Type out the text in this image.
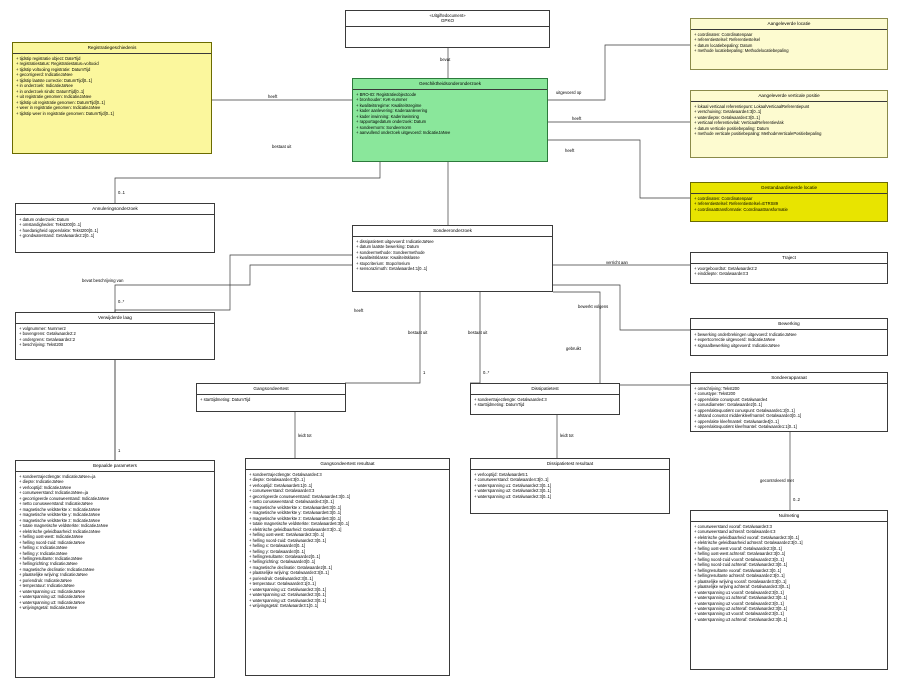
«Uitgiftedocument»
GPKO
Registratiegeschiedenis
+ tijdstip registratie object: DateTijd
+ registratiestatus: Registratiestatus=voltooid
+ tijdstip voltooiing registratie: DatumTijd
+ gecorrigeerd: IndicatieJaNee
+ tijdstip laatste correctie: DatumTijd[0..1]
+ in onderzoek: IndicatieJaNee
+ in onderzoek sinds: DatumTijd[0..1]
+ uit registratie genomen: IndicatieJaNee
+ tijdstip uit registratie genomen: DatumTijd[0..1]
+ weer in registratie genomen: IndicatieJaNee
+ tijdstip weer in registratie genomen: DatumTijd[0..1]
Geschiktheidsonderonderzoek
+ BRO-ID: Registratieobjectcode
+ bronhouder: KvK-nummer
+ kwaliteitsregime: Kwaliteitsregime
+ kader aanlevering: Kaderaanlevering
+ kader inwinning: Kaderinwinning
+ rapportagedatum onderzoek: Datum
+ sondeernorm: Sondeernorm
+ aanvullend onderzoek uitgevoerd: IndicatieJaNee
Aangeleverde locatie
+ coördinaten: Coördinatenpaar
+ referentiestelsel: Referentiestelsel
+ datum locatiebepaling: Datum
+ methode locatiebepaling: Methodelocatiebepaling
Aangeleverde verticale positie
+ lokaal verticaal referentiepunt: LokaalVerticaalReferentiepunt
+ verschuiving: Getalwaarde4:3[0..1]
+ waterdiepte: Getalwaarde4:3[0..1]
+ verticaal referentievlak: VerticaalReferentievlak
+ datum verticale positiebepaling: Datum
+ methode verticale positiebepaling: MethodeVerticalePositiebepaling
Gestandaardiseerde locatie
+ coördinaten: Coördinatenpaar
+ referentiestelsel: Referentiestelsel=ETRS89
+ coördinaattransformatie: Coördinaattransformatie
Annuleringsonderzoek
+ datum onderzoek: Datum
+ omstandigheden: Tekst200[0..1]
+ hoedanigheid oppervlakte: Tekst200[0..1]
+ grondwaterstand: Getalwaarde2:2[0..1]
Sondeeronderzoek
+ dissipatietest uitgevoerd: IndicatieJaNee
+ datum laatste bewerking: Datum
+ sondeermethode: Sondeermethode
+ kwaliteitsklasse: Kwaliteitsklasse
+ stopcriterium: Stopcriterium
+ sensorazimuth: Getalwaarde4:1[0..1]
Traject
+ voorgeboordtot: Getalwaarde2:2
+ einddiepte: Getalwaarde3:3
Bewerking
+ bewerking onderbrekingen uitgevoerd: IndicatieJaNee
+ expertcorrectie uitgevoerd: IndicatieJaNee
+ signaalbewerking uitgevoerd: IndicatieJaNee
Verwijderde laag
+ volgnummer: Nummer2
+ bovengrens: Getalwaarde2:2
+ ondergrens: Getalwaarde2:2
+ beschrijving: Tekst200
Gangsondeertest
+ starttijdmeting: DatumTijd
Dissipatietest
+ sondeertrajectlengte: Getalwaarde4:3
+ starttijdmeting: DatumTijd
Sondeerapparaat
+ omschrijving: Tekst200
+ conustype: Tekst200
+ oppervlakte conuspunt: Getalwaarde4
+ conusdiameter: Getalwaarde2[0..1]
+ oppervlaktequotiënt conuspunt: Getalwaarde1:2[0..1]
+ afstand conustot middenkleefmantel: Getalwaarde3[0..1]
+ oppervlakte kleefmantel: Getalwaarde4[0..1]
+ oppervlaktequotiënt kleefmantel: Getalwaarde1:1[0..1]
Bepaalde parameters
+ sondeertrajectlengte: IndicatieJaNee=ja
+ diepte: IndicatieJaNee
+ verlooptijd: IndicatieJaNee
+ conusweerstand: IndicatieJaNee=ja
+ gecorrigeerde conusweerstand: IndicatieJaNee
+ netto conusweerstand: IndicatieJaNee
+ magnetische veldsterkte x: IndicatieJaNee
+ magnetische veldsterkte y: IndicatieJaNee
+ magnetische veldsterkte z: IndicatieJaNee
+ totale magnetische veldsterkte: IndicatieJaNee
+ elektrische geleidbaarheid: IndicatieJaNee
+ helling oost-west: IndicatieJaNee
+ helling noord-zuid: IndicatieJaNee
+ helling x: IndicatieJaNee
+ helling y: IndicatieJaNee
+ hellingresultante: IndicatieJaNee
+ hellingrichting: IndicatieJaNee
+ magnetische declinatie: IndicatieJaNee
+ plaatselijke wrijving: IndicatieJaNee
+ poriendruk: IndicatieJaNee
+ temperatuur: IndicatieJaNee
+ waterspanning u1: IndicatieJaNee
+ waterspanning u2: IndicatieJaNee
+ waterspanning u3: IndicatieJaNee
+ wrijvingsgetal: IndicatieJaNee
Gangsondeertest resultaat
+ sondeertrajectlengte: Getalwaarde4:3
+ diepte: Getalwaarde4:3[0..1]
+ verlooptijd: Getalwaarde5:1[0..1]
+ conusweerstand: Getalwaarde3:3
+ gecorrigeerde conusweerstand: Getalwaarde4:3[0..1]
+ netto conusweerstand: Getalwaarde4:3[0..1]
+ magnetische veldsterkte x: Getalwaarde6:3[0..1]
+ magnetische veldsterkte y: Getalwaarde6:3[0..1]
+ magnetische veldsterkte z: Getalwaarde6:3[0..1]
+ totale magnetische veldsterkte: Getalwaarde6:3[0..1]
+ elektrische geleidbaarheid: Getalwaarde3:3[0..1]
+ helling oost-west: Getalwaarde2:3[0..1]
+ helling noord-zuid: Getalwaarde2:3[0..1]
+ helling x: Getalwaarde3[0..1]
+ helling y: Getalwaarde3[0..1]
+ hellingresultante: Getalwaarde2[0..1]
+ hellingrichting: Getalwaarde3[0..1]
+ magnetische declinatie: Getalwaarde2[0..1]
+ plaatselijke wrijving: Getalwaarde3:3[0..1]
+ poriendruk: Getalwaarde2:3[0..1]
+ temperatuur: Getalwaarde3:1[0..1]
+ waterspanning u1: Getalwaarde2:3[0..1]
+ waterspanning u2: Getalwaarde2:3[0..1]
+ waterspanning u3: Getalwaarde2:3[0..1]
+ wrijvingsgetal: Getalwaarde3:1[0..1]
Dissipatietest resultaat
+ verlooptijd: Getalwaarde5:1
+ conusweerstand: Getalwaarde4:3[0..1]
+ waterspanning u1: Getalwaarde2:3[0..1]
+ waterspanning u2: Getalwaarde2:3[0..1]
+ waterspanning u3: Getalwaarde2:3[0..1]
Nulmeting
+ conusweerstand vooraf: Getalwaarde3:3
+ conusweerstand achteraf: Getalwaarde4:3
+ elektrische geleidbaarheid vooraf: Getalwaarde2:3[0..1]
+ elektrische geleidbaarheid achteraf: Getalwaarde2:3[0..1]
+ helling oost-west vooraf: Getalwaarde2:3[0..1]
+ helling oost-west achteraf: Getalwaarde2:3[0..1]
+ helling noord-zuid vooraf: Getalwaarde2:3[0..1]
+ helling noord-zuid achteraf: Getalwaarde2:3[0..1]
+ hellingresultante vooraf: Getalwaarde2:3[0..1]
+ hellingresultante achteraf: Getalwaarde2:3[0..1]
+ plaatselijke wrijving vooraf: Getalwaarde3:3[0..1]
+ plaatselijke wrijving achteraf: Getalwaarde3:3[0..1]
+ waterspanning u1 vooraf: Getalwaarde2:3[0..1]
+ waterspanning u1 achteraf: Getalwaarde2:3[0..1]
+ waterspanning u2 vooraf: Getalwaarde2:3[0..1]
+ waterspanning u2 achteraf: Getalwaarde2:3[0..1]
+ waterspanning u3 vooraf: Getalwaarde2:3[0..1]
+ waterspanning u3 achteraf: Getalwaarde2:3[0..1]
bevat
heeft
uitgevoerd op
heeft
heeft
bestaat uit
bevat beschrijving van
verricht aan
bewerkt volgens
gebruikt
heeft
bestaat uit	bestaat uit
leidt tot	leidt tot
gecontroleerd met
0..1
0..*
1	0..*
1
0..2
